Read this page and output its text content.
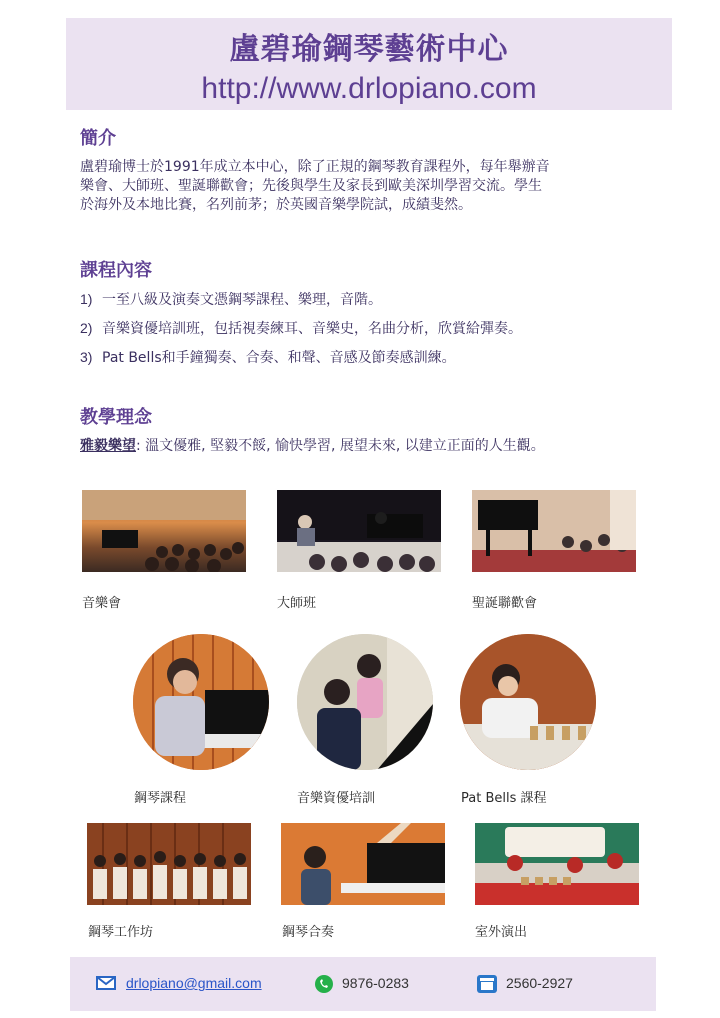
盧碧瑜鋼琴藝術中心
http://www.drlopiano.com
簡介
盧碧瑜博士於1991年成立本中心，除了正規的鋼琴教育課程外，每年舉辦音
樂會、大師班、聖誕聯歡會；先後與學生及家長到歐美深圳學習交流。學生
於海外及本地比賽，名列前茅；於英國音樂學院試，成績斐然。
課程內容
1) 一至八級及演奏文憑鋼琴課程、樂理，音階。
2) 音樂資優培訓班，包括視奏練耳、音樂史，名曲分析，欣賞給彈奏。
3) Pat Bells和手鐘獨奏、合奏、和聲、音感及節奏感訓練。
教學理念
雅毅樂望: 溫文優雅, 堅毅不餒, 愉快學習, 展望未來, 以建立正面的人生觀。
音樂會	大師班	聖誕聯歡會
鋼琴課程	音樂資優培訓	Pat Bells 課程
鋼琴工作坊	鋼琴合奏	室外演出
drlopiano@gmail.com	9876-0283	2560-2927
